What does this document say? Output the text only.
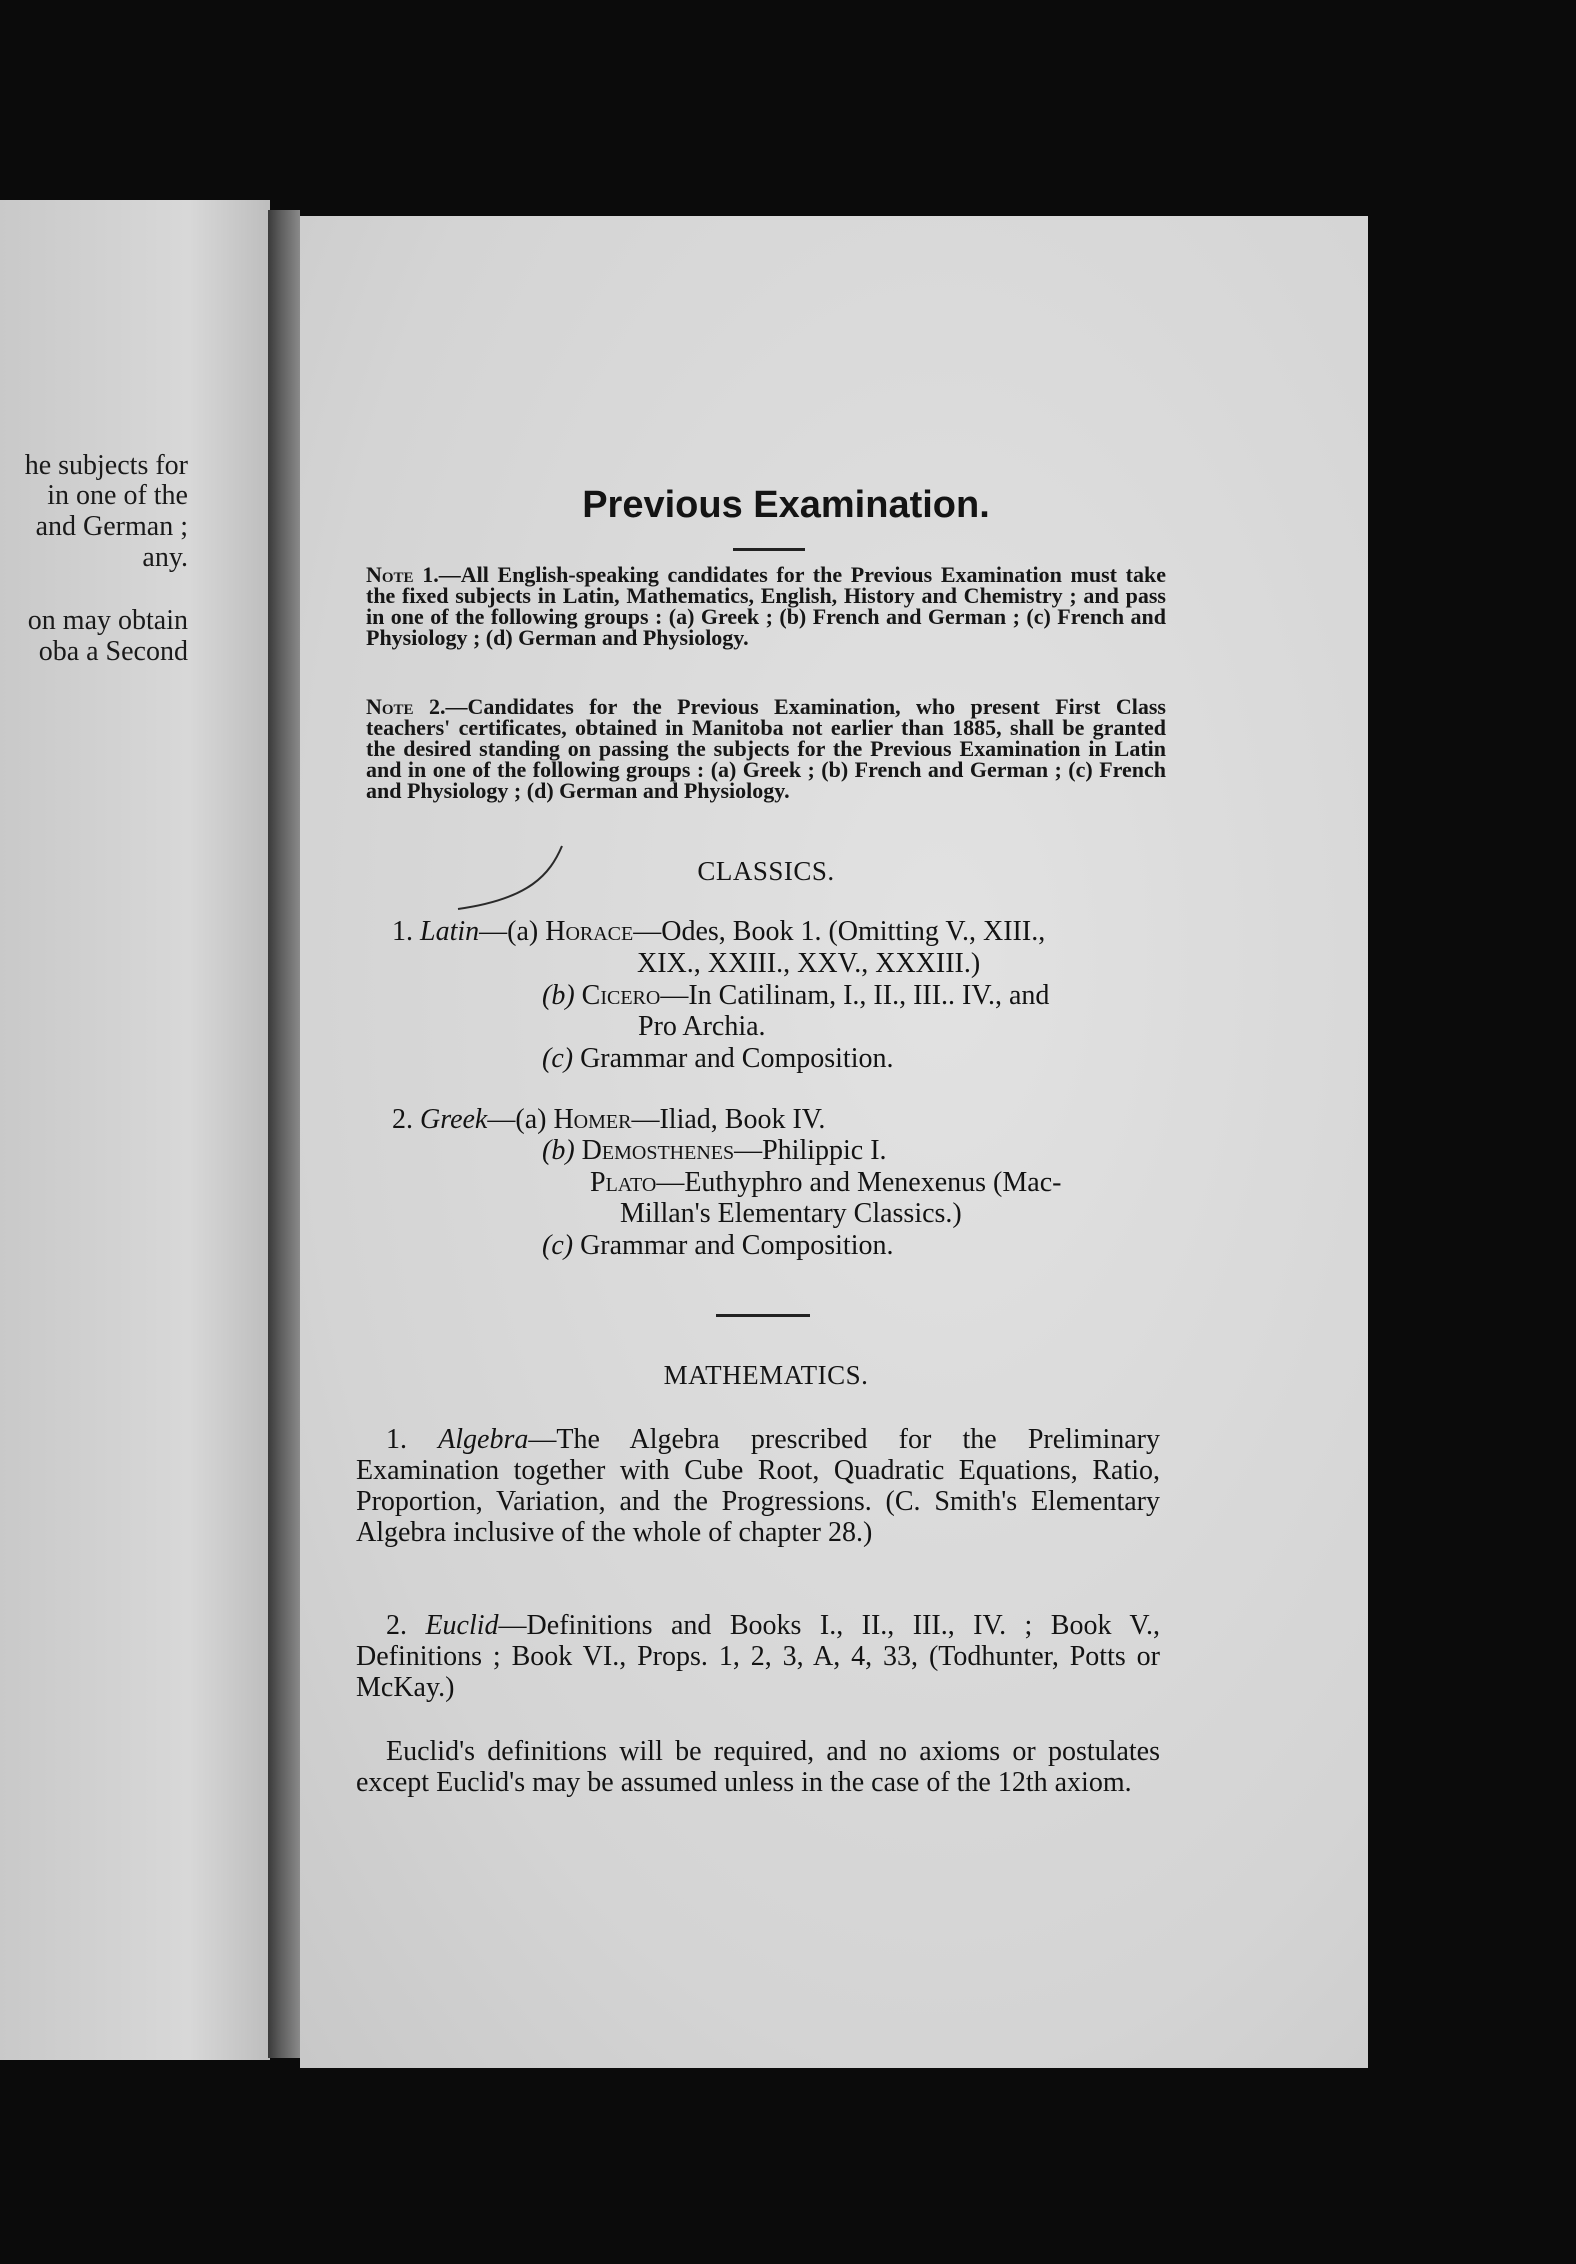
he subjects for
in one of the
and German ;
any.
on may obtain
oba a Second
Previous Examination.
Note 1.—All English-speaking candidates for the Previous Examination must take the fixed subjects in Latin, Mathematics, English, History and Chemistry ; and pass in one of the following groups : (a) Greek ; (b) French and German ; (c) French and Physiology ; (d) German and Physiology.
Note 2.—Candidates for the Previous Examination, who present First Class teachers' certificates, obtained in Manitoba not earlier than 1885, shall be granted the desired standing on passing the subjects for the Previous Examination in Latin and in one of the following groups : (a) Greek ; (b) French and German ; (c) French and Physiology ; (d) German and Physiology.
CLASSICS.
1. Latin—(a) Horace—Odes, Book 1. (Omitting V., XIII.,
XIX., XXIII., XXV., XXXIII.)
(b) Cicero—In Catilinam, I., II., III.. IV., and
Pro Archia.
(c) Grammar and Composition.
2. Greek—(a) Homer—Iliad, Book IV.
(b) Demosthenes—Philippic I.
Plato—Euthyphro and Menexenus (Mac-
Millan's Elementary Classics.)
(c) Grammar and Composition.
MATHEMATICS.
1. Algebra—The Algebra prescribed for the Preliminary Examination together with Cube Root, Quadratic Equations, Ratio, Proportion, Variation, and the Progressions. (C. Smith's Elementary Algebra inclusive of the whole of chapter 28.)
2. Euclid—Definitions and Books I., II., III., IV. ; Book V., Definitions ; Book VI., Props. 1, 2, 3, A, 4, 33, (Todhunter, Potts or McKay.)
Euclid's definitions will be required, and no axioms or postulates except Euclid's may be assumed unless in the case of the 12th axiom.
